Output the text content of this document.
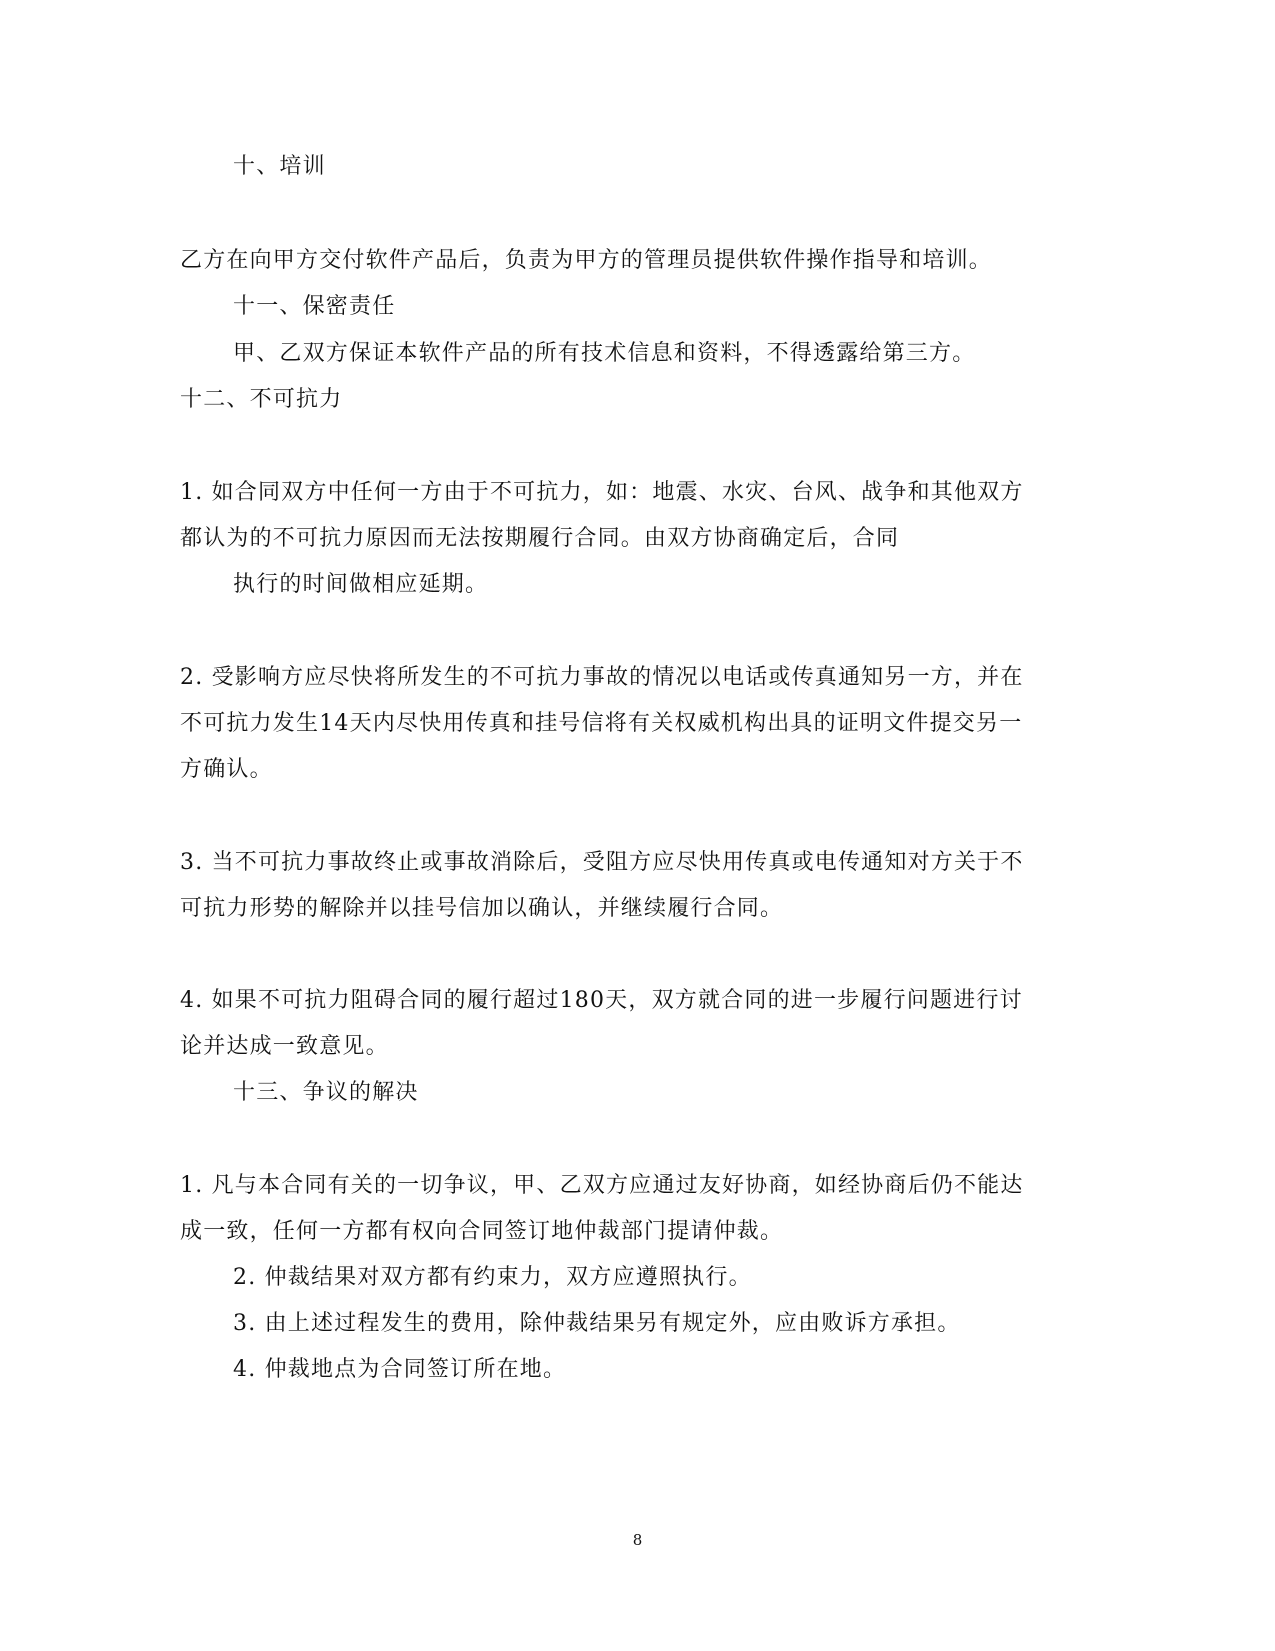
十、培训
乙方在向甲方交付软件产品后，负责为甲方的管理员提供软件操作指导和培训。
十一、保密责任
甲、乙双方保证本软件产品的所有技术信息和资料，不得透露给第三方。
十二、不可抗力
1. 如合同双方中任何一方由于不可抗力，如：地震、水灾、台风、战争和其他双方
都认为的不可抗力原因而无法按期履行合同。由双方协商确定后，合同
执行的时间做相应延期。
2. 受影响方应尽快将所发生的不可抗力事故的情况以电话或传真通知另一方，并在
不可抗力发生14天内尽快用传真和挂号信将有关权威机构出具的证明文件提交另一
方确认。
3. 当不可抗力事故终止或事故消除后，受阻方应尽快用传真或电传通知对方关于不
可抗力形势的解除并以挂号信加以确认，并继续履行合同。
4. 如果不可抗力阻碍合同的履行超过180天，双方就合同的进一步履行问题进行讨
论并达成一致意见。
十三、争议的解决
1. 凡与本合同有关的一切争议，甲、乙双方应通过友好协商，如经协商后仍不能达
成一致，任何一方都有权向合同签订地仲裁部门提请仲裁。
2. 仲裁结果对双方都有约束力，双方应遵照执行。
3. 由上述过程发生的费用，除仲裁结果另有规定外，应由败诉方承担。
4. 仲裁地点为合同签订所在地。
8
